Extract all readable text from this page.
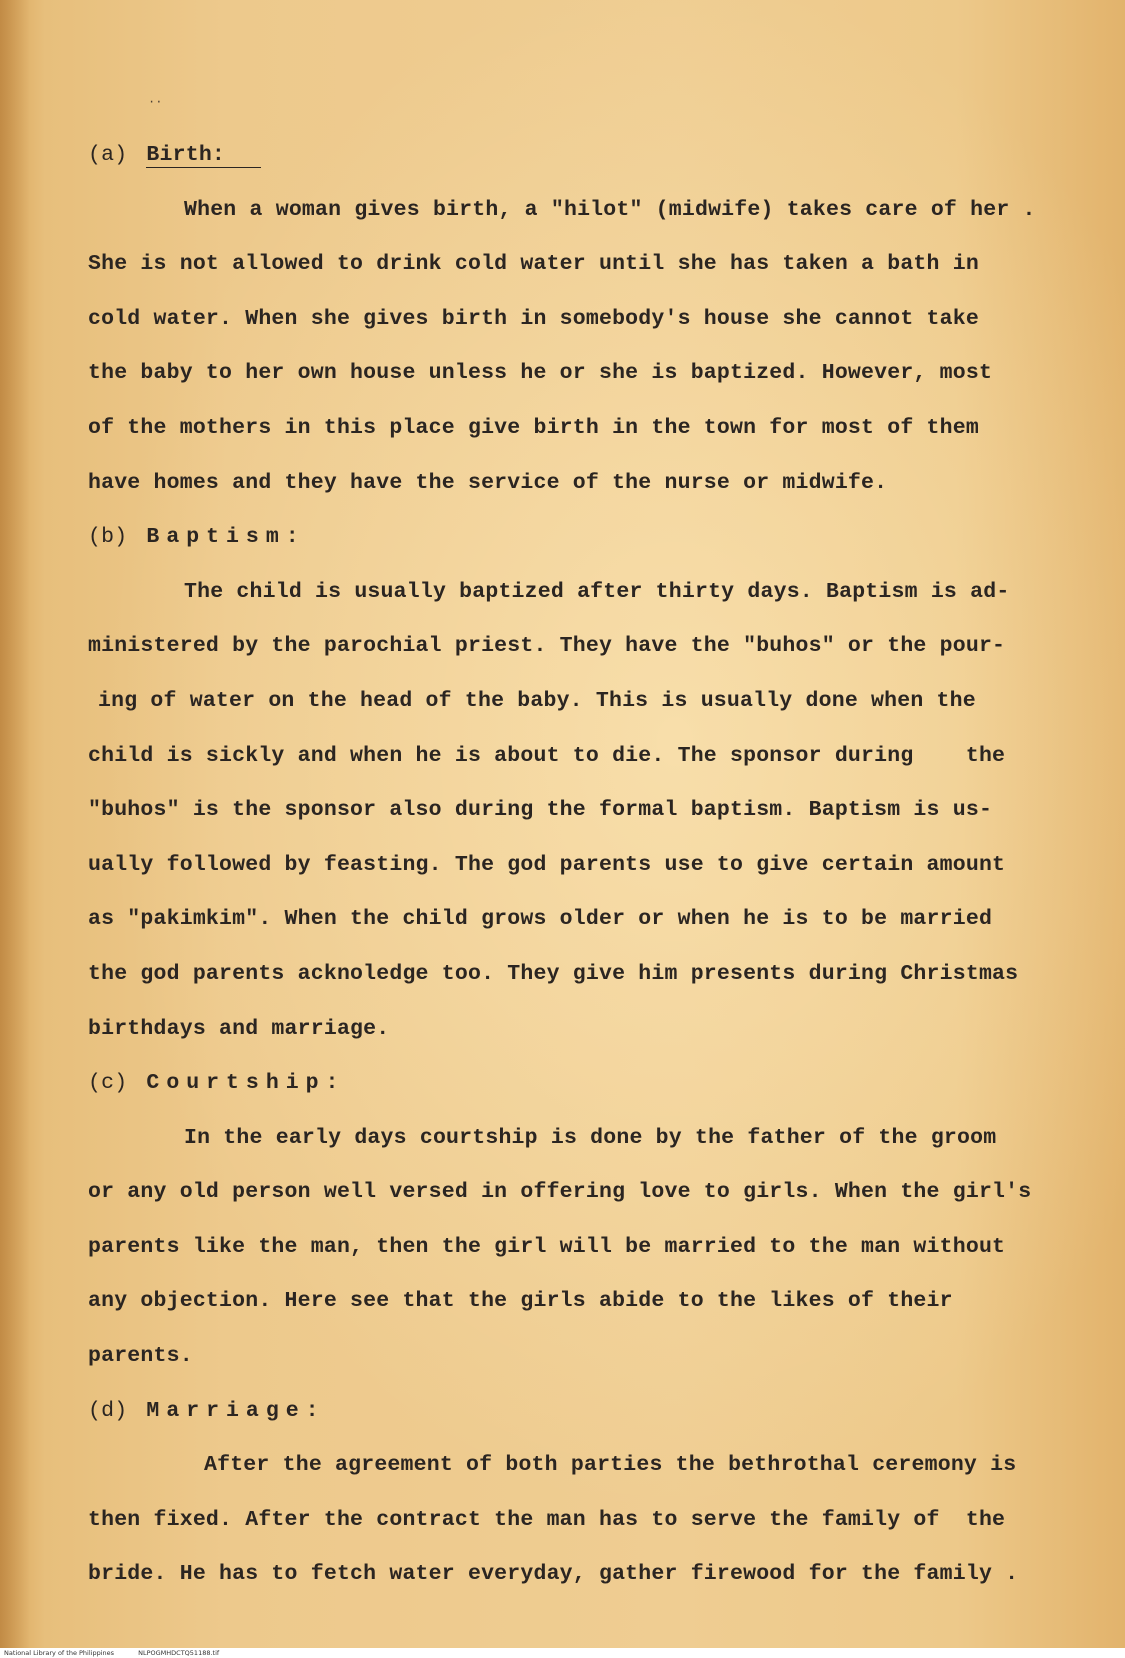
··
(a) Birth:
When a woman gives birth, a "hilot" (midwife) takes care of her .
She is not allowed to drink cold water until she has taken a bath in
cold water. When she gives birth in somebody's house she cannot take
the baby to her own house unless he or she is baptized. However, most
of the mothers in this place give birth in the town for most of them
have homes and they have the service of the nurse or midwife.
(b) Baptism:
The child is usually baptized after thirty days. Baptism is ad-
ministered by the parochial priest. They have the "buhos" or the pour-
ing of water on the head of the baby. This is usually done when the
child is sickly and when he is about to die. The sponsor during    the
"buhos" is the sponsor also during the formal baptism. Baptism is us-
ually followed by feasting. The god parents use to give certain amount
as "pakimkim". When the child grows older or when he is to be married
the god parents acknoledge too. They give him presents during Christmas
birthdays and marriage.
(c) Courtship:
In the early days courtship is done by the father of the groom
or any old person well versed in offering love to girls. When the girl's
parents like the man, then the girl will be married to the man without
any objection. Here see that the girls abide to the likes of their
parents.
(d) Marriage:
After the agreement of both parties the bethrothal ceremony is
then fixed. After the contract the man has to serve the family of  the
bride. He has to fetch water everyday, gather firewood for the family .
National Library of the Philippines	NLPOGMHDCTQ51188.tif
